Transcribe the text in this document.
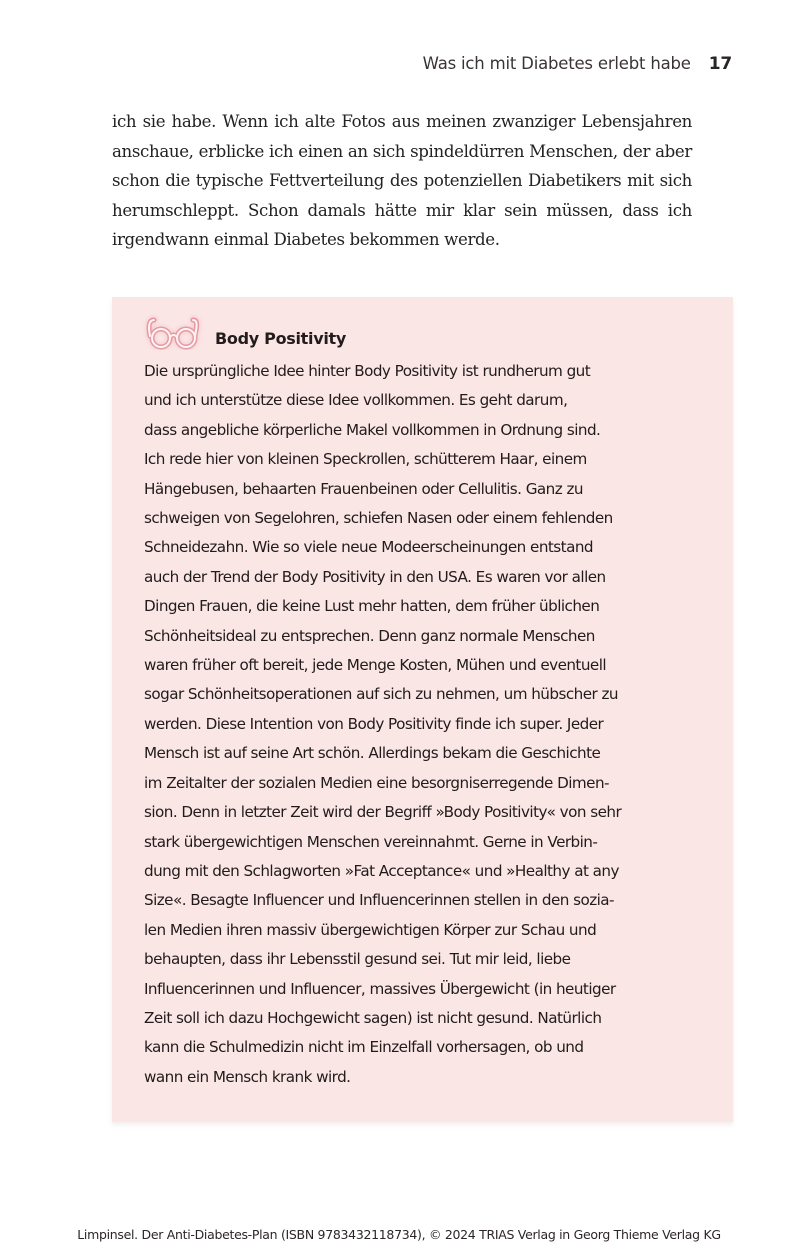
Was ich mit Diabetes erlebt habe 17

ich sie habe. Wenn ich alte Fotos aus meinen zwanziger Lebensjahren anschaue, erblicke ich einen an sich spindeldürren Menschen, der aber schon die typische Fettverteilung des potenziellen Diabetikers mit sich herumschleppt. Schon damals hätte mir klar sein müssen, dass ich irgendwann einmal Diabetes bekommen werde.

Body Positivity
Die ursprüngliche Idee hinter Body Positivity ist rundherum gut
und ich unterstütze diese Idee vollkommen. Es geht darum,
dass angebliche körperliche Makel vollkommen in Ordnung sind.
Ich rede hier von kleinen Speckrollen, schütterem Haar, einem
Hängebusen, behaarten Frauenbeinen oder Cellulitis. Ganz zu
schweigen von Segelohren, schiefen Nasen oder einem fehlenden
Schneidezahn. Wie so viele neue Modeerscheinungen entstand
auch der Trend der Body Positivity in den USA. Es waren vor allen
Dingen Frauen, die keine Lust mehr hatten, dem früher üblichen
Schönheitsideal zu entsprechen. Denn ganz normale Menschen
waren früher oft bereit, jede Menge Kosten, Mühen und eventuell
sogar Schönheitsoperationen auf sich zu nehmen, um hübscher zu
werden. Diese Intention von Body Positivity finde ich super. Jeder
Mensch ist auf seine Art schön. Allerdings bekam die Geschichte
im Zeitalter der sozialen Medien eine besorgniserregende Dimen-
sion. Denn in letzter Zeit wird der Begriff »Body Positivity« von sehr
stark übergewichtigen Menschen vereinnahmt. Gerne in Verbin-
dung mit den Schlagworten »Fat Acceptance« und »Healthy at any
Size«. Besagte Influencer und Influencerinnen stellen in den sozia-
len Medien ihren massiv übergewichtigen Körper zur Schau und
behaupten, dass ihr Lebensstil gesund sei. Tut mir leid, liebe
Influencerinnen und Influencer, massives Übergewicht (in heutiger
Zeit soll ich dazu Hochgewicht sagen) ist nicht gesund. Natürlich
kann die Schulmedizin nicht im Einzelfall vorhersagen, ob und
wann ein Mensch krank wird.
Limpinsel. Der Anti-Diabetes-Plan (ISBN 9783432118734), © 2024 TRIAS Verlag in Georg Thieme Verlag KG
